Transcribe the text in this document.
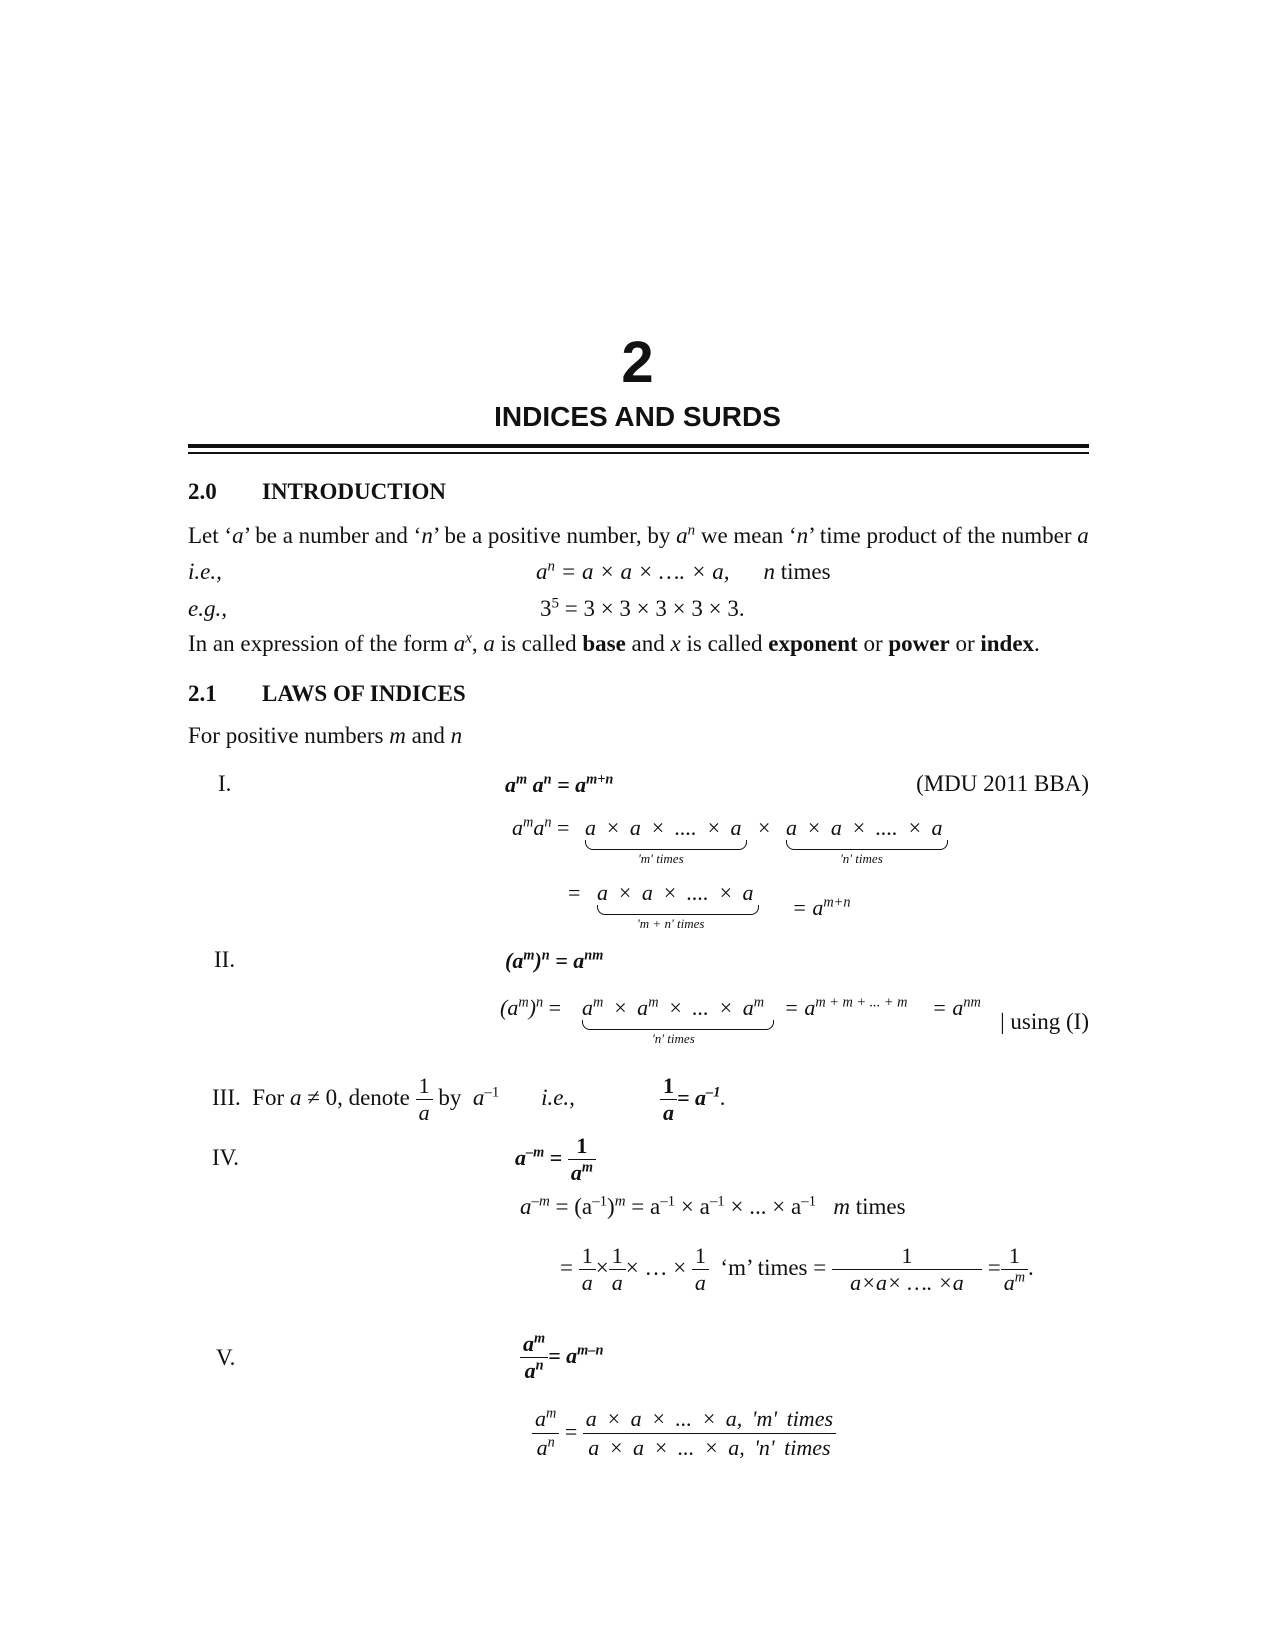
2
INDICES AND SURDS
2.0 INTRODUCTION
Let ‘a’ be a number and ‘n’ be a positive number, by $a^n$ we mean ‘n’ time product of the number a
i.e.,	$a^n = a \times a$ × …. × a, n times
e.g.,	$3^5 = 3 \times 3 \times 3 \times 3 \times 3$.
In an expression of the form $a^x$, a is called base and x is called exponent or power or index.
2.1 LAWS OF INDICES
For positive numbers m and n
I.	$a^m$ $a^n = a^{m+n}$	(MDU 2011 BBA)
$a^ma^n = a \times a$ × .... × a
'm' times
× a × a × .... × a
'n' times
= a × a × .... × a
'm + n' times
= $a^{m+n}$
II.	$(a^m)^n = a^{nm}$
$(a^m)^n = a^m \times a^m$ × ... × $a^m$
'n' times
= $a^{m + m + ... + m} = a^{nm}$
| using (I)
III. For a ≠ 0, denote $\frac{1}{a}$ by $a^{-1}$ i.e.,	$\frac{1}{a} = a^{-1}$.
IV.	$a^{-m} = \frac{1}{a^m}$
$a^{-m} = (a^{-1})^m = a^{-1} \times a^{-1}$ × ... × $a^{-1}$ m times
= $\frac{1}{a} \times \frac{1}{a}$ × … × $\frac{1}{a}$ ‘m’ times = $\frac{1}{a\times a\times \dots. \times a} = \frac{1}{a^m}$ .
V.	$\frac{a^m}{a^n} = a^{m-n}$
$\frac{a^m}{a^n} = \frac{\text{a × a × ... × a, 'm' times}}{\text{a × a × ... × a, 'n' times}}$
